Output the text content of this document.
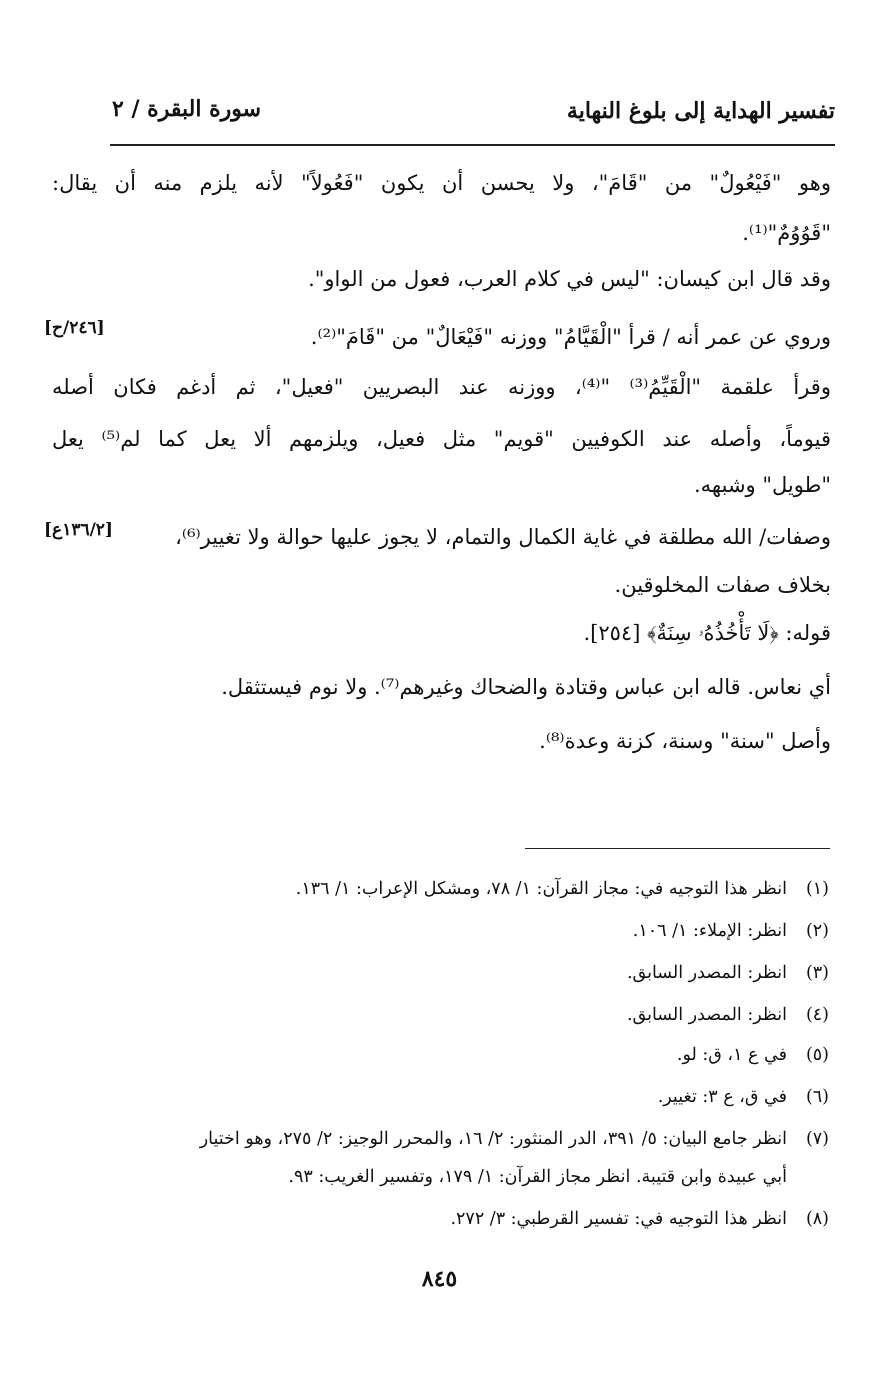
تفسير الهداية إلى بلوغ النهاية
سورة البقرة / ٢
وهو "فَيْعُولٌ" من "قَامَ"، ولا يحسن أن يكون "فَعُولاً" لأنه يلزم منه أن يقال:
"قَوُوُمٌ"⁽¹⁾.
وقد قال ابن كيسان: "ليس في كلام العرب، فعول من الواو".
وروي عن عمر أنه / قرأ "الْقَيَّامُ" ووزنه "فَيْعَالٌ" من "قَامَ"⁽²⁾.
[٢٤٦/ح]
وقرأ علقمة "الْقَيِّمُ⁽³⁾ "⁽⁴⁾، ووزنه عند البصريين "فعيل"، ثم أدغم فكان أصله
قيوماً، وأصله عند الكوفيين "قويم" مثل فعيل، ويلزمهم ألا يعل كما لم⁽⁵⁾ يعل
"طويل" وشبهه.
وصفات/ الله مطلقة في غاية الكمال والتمام، لا يجوز عليها حوالة ولا تغيير⁽⁶⁾،
[١٣٦/٢ع]
بخلاف صفات المخلوقين.
قوله: ﴿لَا تَأْخُذُهُۥ سِنَةٌ﴾ [٢٥٤].
أي نعاس. قاله ابن عباس وقتادة والضحاك وغيرهم⁽⁷⁾. ولا نوم فيستثقل.
وأصل "سنة" وسنة، كزنة وعدة⁽⁸⁾.
(١)انظر هذا التوجيه في: مجاز القرآن: ١/ ٧٨، ومشكل الإعراب: ١/ ١٣٦.
(٢)انظر: الإملاء: ١/ ١٠٦.
(٣)انظر: المصدر السابق.
(٤)انظر: المصدر السابق.
(٥)في ع ١، ق: لو.
(٦)في ق، ع ٣: تغيير.
(٧)انظر جامع البيان: ٥/ ٣٩١، الدر المنثور: ٢/ ١٦، والمحرر الوجيز: ٢/ ٢٧٥، وهو اختيار
أبي عبيدة وابن قتيبة. انظر مجاز القرآن: ١/ ١٧٩، وتفسير الغريب: ٩٣.
(٨)انظر هذا التوجيه في: تفسير القرطبي: ٣/ ٢٧٢.
٨٤٥
